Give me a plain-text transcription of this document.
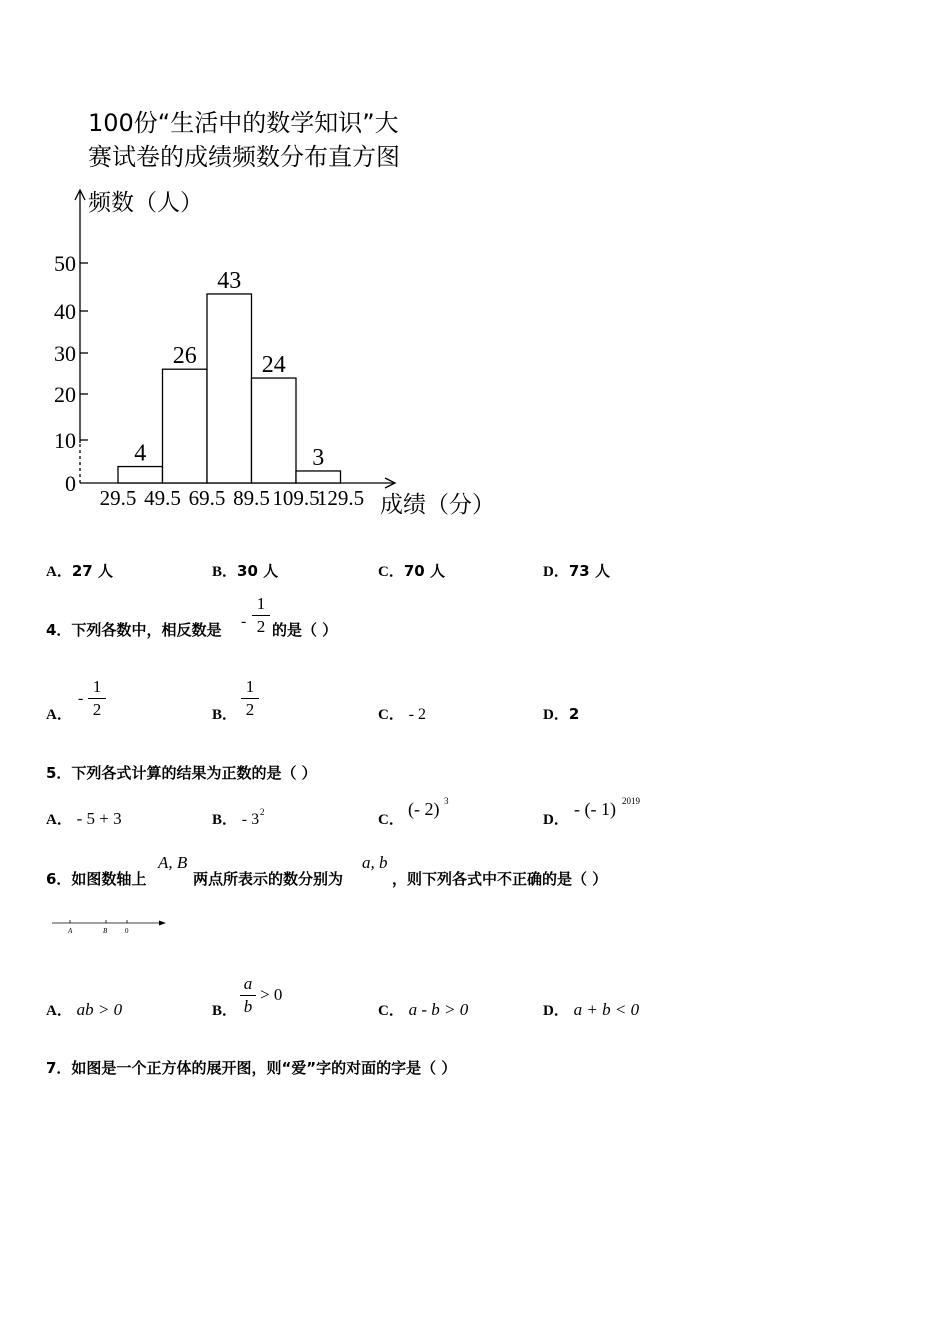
100份“生活中的数学知识”大
赛试卷的成绩频数分布直方图
0
10
20
30
40
50
4
26
43
24
3
29.5 49.5 69.5 89.5 109.5
129.5
频数（人）
成绩（分）
A．27 人	B．30 人	C．70 人	D．73 人
4．下列各数中，相反数是 -
1
2 的是（ ）
A．
-
1
2	B．
1
2	C． - 2	D．2
5．下列各式计算的结果为正数的是（ ）
A． - 5 + 3	B． - 3 2	C．
(- 2) 3
D．
- (- 1) 2019
6．如图数轴上
A, B
两点所表示的数分别为
a, b
，则下列各式中不正确的是（ ）
A	B	0
A． ab > 0	B．
a
b
> 0
C． a - b > 0	D． a + b < 0
7．如图是一个正方体的展开图，则“爱”字的对面的字是（ ）
